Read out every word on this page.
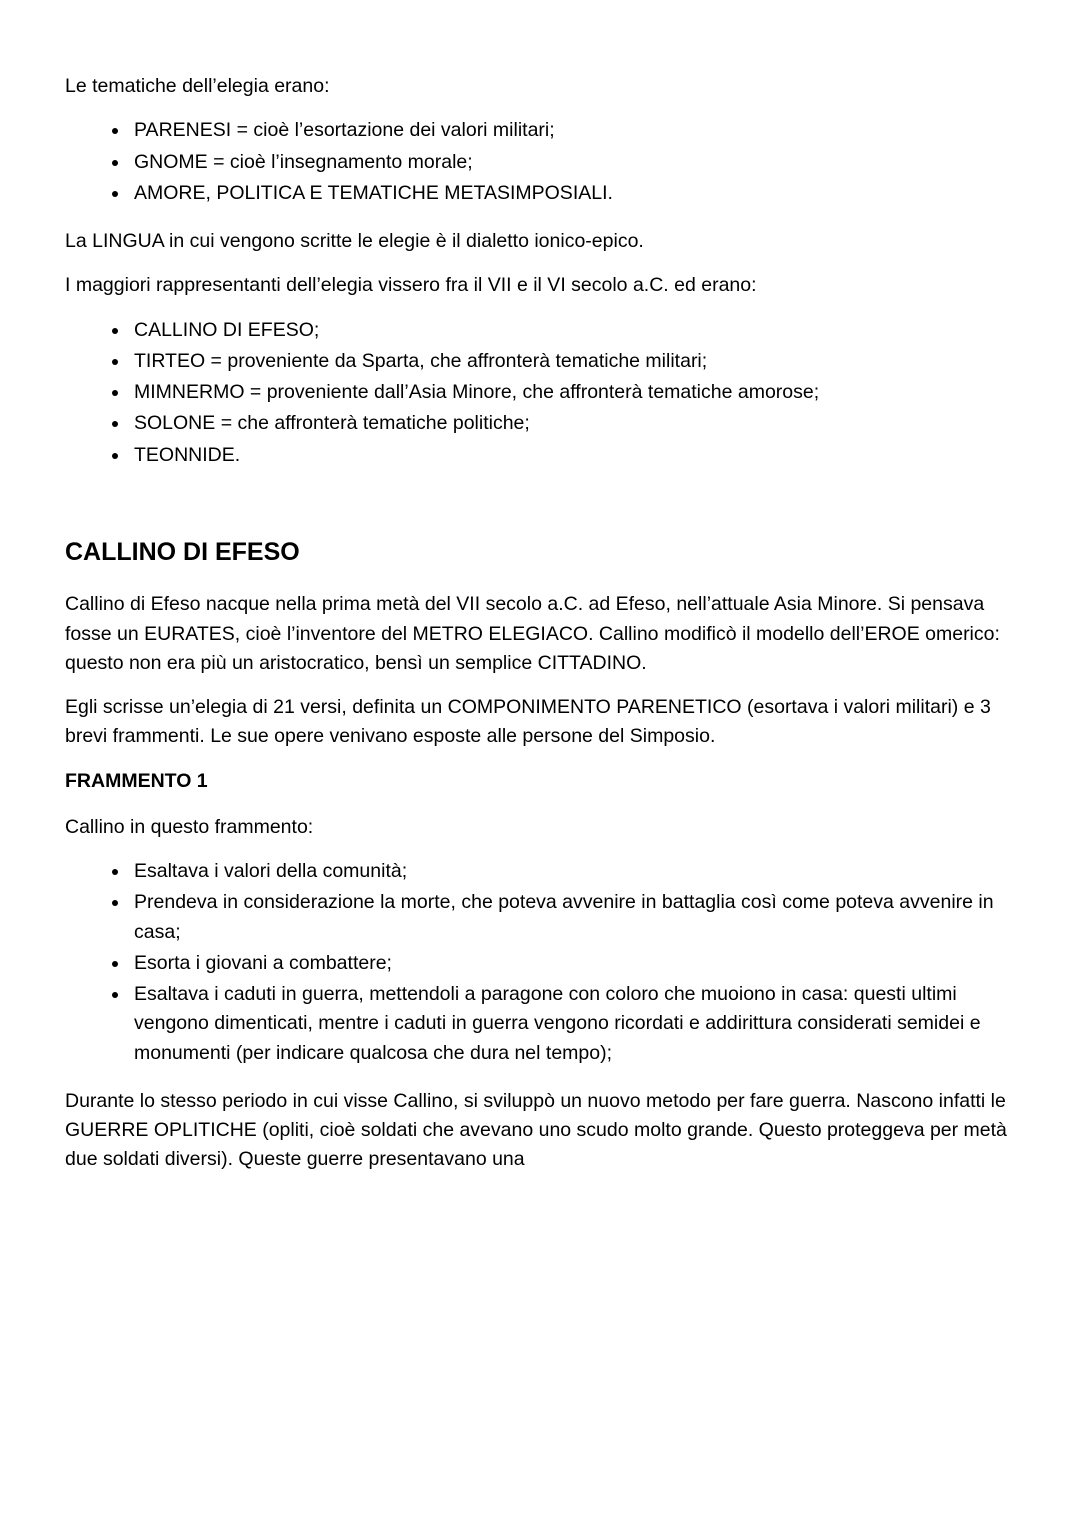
Le tematiche dell’elegia erano:

• PARENESI = cioè l’esortazione dei valori militari;
• GNOME = cioè l’insegnamento morale;
• AMORE, POLITICA E TEMATICHE METASIMPOSIALI.

La LINGUA in cui vengono scritte le elegie è il dialetto ionico-epico.

I maggiori rappresentanti dell’elegia vissero fra il VII e il VI secolo a.C. ed erano:

• CALLINO DI EFESO;
• TIRTEO = proveniente da Sparta, che affronterà tematiche militari;
• MIMNERMO = proveniente dall’Asia Minore, che affronterà tematiche amorose;
• SOLONE = che affronterà tematiche politiche;
• TEONNIDE.
CALLINO DI EFESO

Callino di Efeso nacque nella prima metà del VII secolo a.C. ad Efeso, nell’attuale Asia Minore. Si pensava fosse un EURATES, cioè l’inventore del METRO ELEGIACO. Callino modificò il modello dell’EROE omerico: questo non era più un aristocratico, bensì un semplice CITTADINO.

Egli scrisse un’elegia di 21 versi, definita un COMPONIMENTO PARENETICO (esortava i valori militari) e 3 brevi frammenti. Le sue opere venivano esposte alle persone del Simposio.

FRAMMENTO 1

Callino in questo frammento:

• Esaltava i valori della comunità;
• Prendeva in considerazione la morte, che poteva avvenire in battaglia così come poteva avvenire in casa;
• Esorta i giovani a combattere;
• Esaltava i caduti in guerra, mettendoli a paragone con coloro che muoiono in casa: questi ultimi vengono dimenticati, mentre i caduti in guerra vengono ricordati e addirittura considerati semidei e monumenti (per indicare qualcosa che dura nel tempo);

Durante lo stesso periodo in cui visse Callino, si sviluppò un nuovo metodo per fare guerra. Nascono infatti le GUERRE OPLITICHE (opliti, cioè soldati che avevano uno scudo molto grande. Questo proteggeva per metà due soldati diversi). Queste guerre presentavano una
